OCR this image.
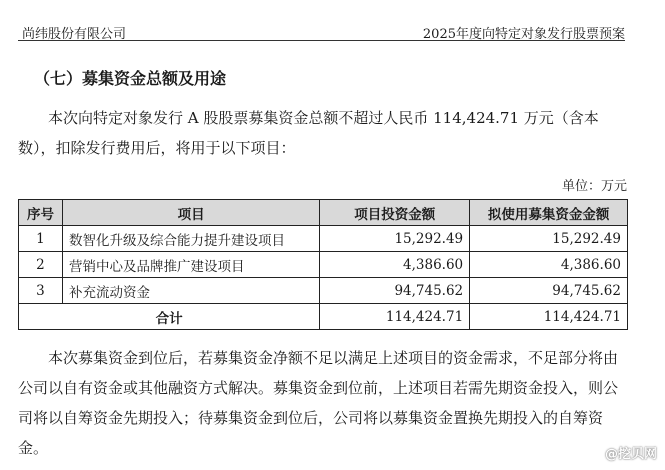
尚纬股份有限公司	2025年度向特定对象发行股票预案
（七）募集资金总额及用途
本次向特定对象发行 A 股股票募集资金总额不超过人民币 114,424.71 万元（含本数），扣除发行费用后，将用于以下项目：
单位：万元
序号	项目	项目投资金额	拟使用募集资金金额
1	数智化升级及综合能力提升建设项目	15,292.49	15,292.49
2	营销中心及品牌推广建设项目	4,386.60	4,386.60
3	补充流动资金	94,745.62	94,745.62
合计		114,424.71	114,424.71
本次募集资金到位后，若募集资金净额不足以满足上述项目的资金需求，不足部分将由公司以自有资金或其他融资方式解决。募集资金到位前，上述项目若需先期资金投入，则公司将以自筹资金先期投入；待募集资金到位后，公司将以募集资金置换先期投入的自筹资金。	@挖贝网
